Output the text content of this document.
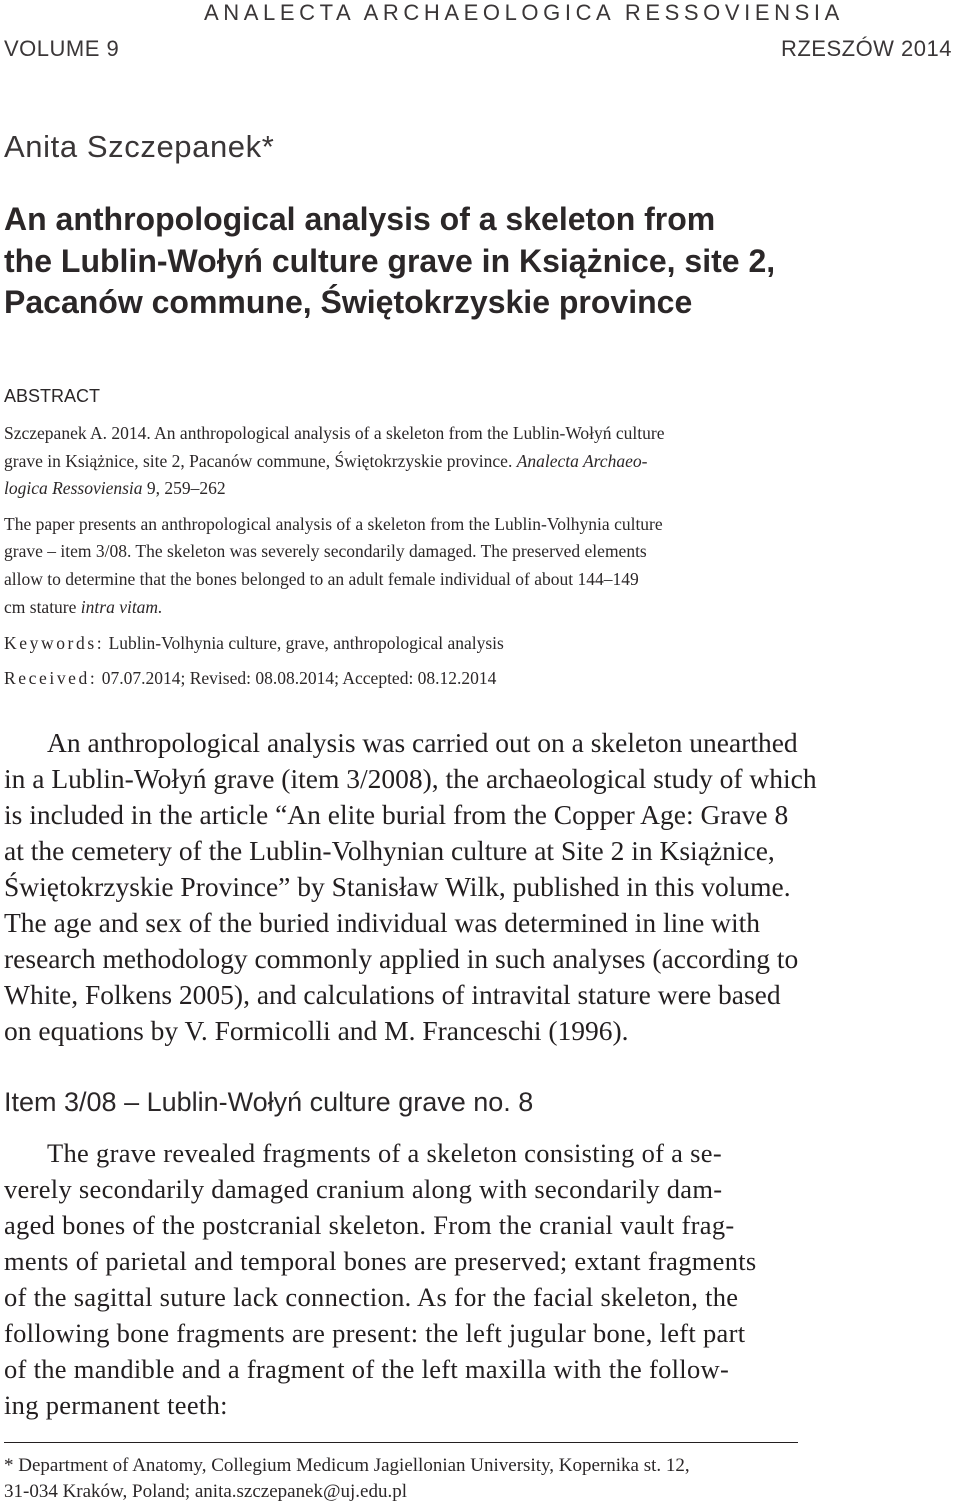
ANALECTA ARCHAEOLOGICA RESSOVIENSIA
VOLUME 9	RZESZÓW 2014
Anita Szczepanek*
An anthropological analysis of a skeleton from
the Lublin-Wołyń culture grave in Książnice, site 2,
Pacanów commune, Świętokrzyskie province
ABSTRACT
Szczepanek A. 2014. An anthropological analysis of a skeleton from the Lublin-Wołyń culture
grave in Książnice, site 2, Pacanów commune, Świętokrzyskie province. Analecta Archaeo-
logica Ressoviensia 9, 259–262
The paper presents an anthropological analysis of a skeleton from the Lublin-Volhynia culture
grave – item 3/08. The skeleton was severely secondarily damaged. The preserved elements
allow to determine that the bones belonged to an adult female individual of about 144–149
cm stature intra vitam.
Keywords: Lublin-Volhynia culture, grave, anthropological analysis
Received: 07.07.2014; Revised: 08.08.2014; Accepted: 08.12.2014
An anthropological analysis was carried out on a skeleton unearthed
in a Lublin-Wołyń grave (item 3/2008), the archaeological study of which
is included in the article “An elite burial from the Copper Age: Grave 8
at the cemetery of the Lublin-Volhynian culture at Site 2 in Książnice,
Świętokrzyskie Province” by Stanisław Wilk, published in this volume.
The age and sex of the buried individual was determined in line with
research methodology commonly applied in such analyses (according to
White, Folkens 2005), and calculations of intravital stature were based
on equations by V. Formicolli and M. Franceschi (1996).
Item 3/08 – Lublin-Wołyń culture grave no. 8
The grave revealed fragments of a skeleton consisting of a se-
verely secondarily damaged cranium along with secondarily dam-
aged bones of the postcranial skeleton. From the cranial vault frag-
ments of parietal and temporal bones are preserved; extant fragments
of the sagittal suture lack connection. As for the facial skeleton, the
following bone fragments are present: the left jugular bone, left part
of the mandible and a fragment of the left maxilla with the follow-
ing permanent teeth:
* Department of Anatomy, Collegium Medicum Jagiellonian University, Kopernika st. 12,
31-034 Kraków, Poland; anita.szczepanek@uj.edu.pl
